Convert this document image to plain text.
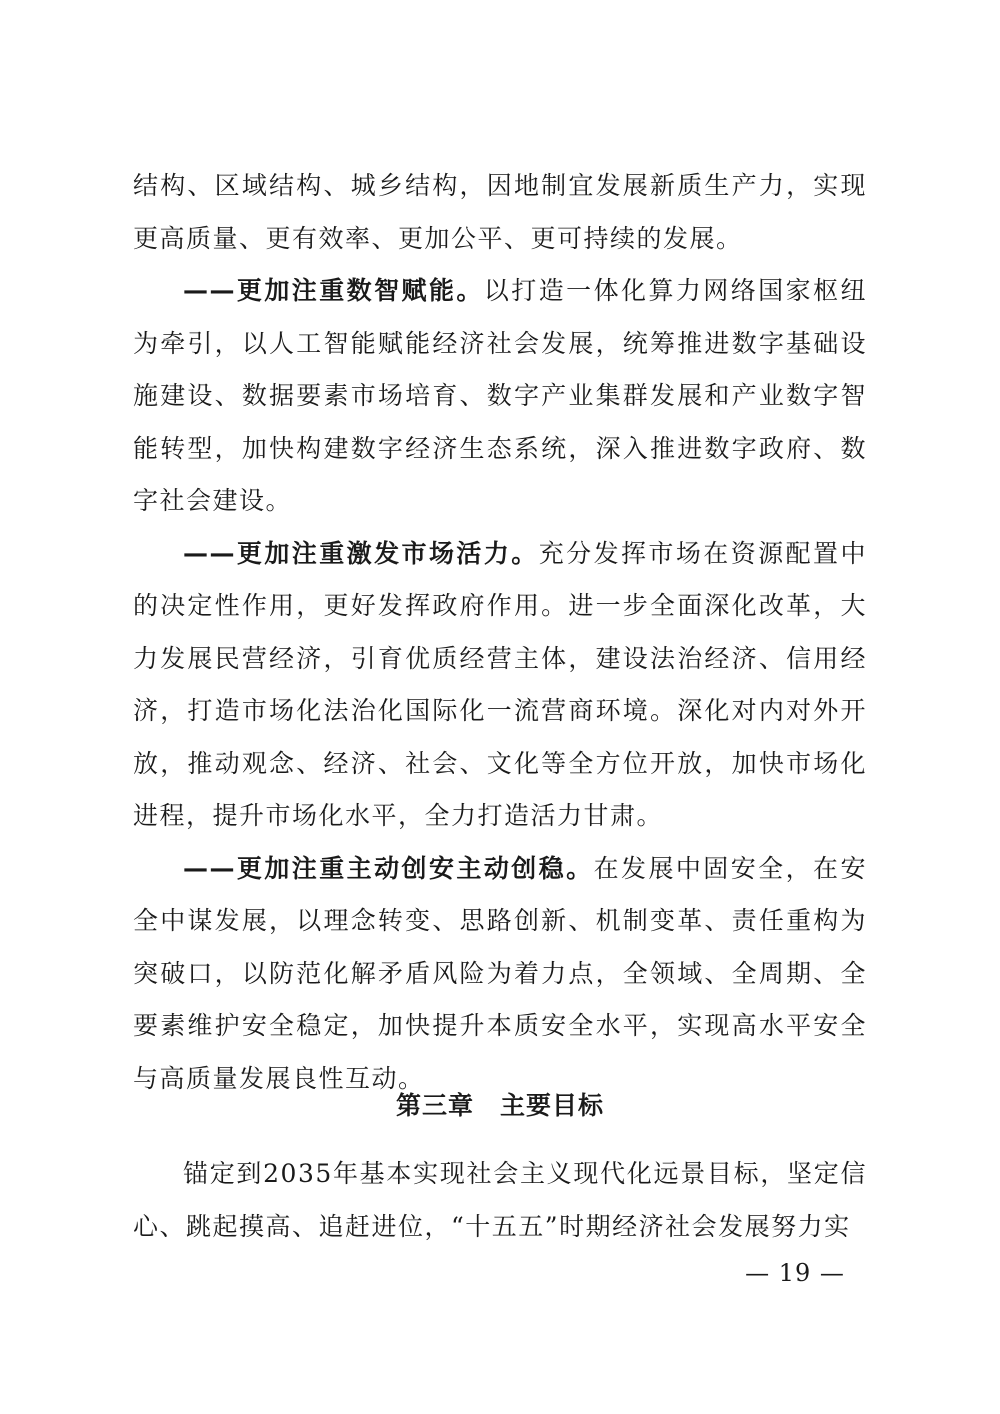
结构、区域结构、城乡结构，因地制宜发展新质生产力，实现更高质量、更有效率、更加公平、更可持续的发展。

——更加注重数智赋能。以打造一体化算力网络国家枢纽为牵引，以人工智能赋能经济社会发展，统筹推进数字基础设施建设、数据要素市场培育、数字产业集群发展和产业数字智能转型，加快构建数字经济生态系统，深入推进数字政府、数字社会建设。

——更加注重激发市场活力。充分发挥市场在资源配置中的决定性作用，更好发挥政府作用。进一步全面深化改革，大力发展民营经济，引育优质经营主体，建设法治经济、信用经济，打造市场化法治化国际化一流营商环境。深化对内对外开放，推动观念、经济、社会、文化等全方位开放，加快市场化进程，提升市场化水平，全力打造活力甘肃。

——更加注重主动创安主动创稳。在发展中固安全，在安全中谋发展，以理念转变、思路创新、机制变革、责任重构为突破口，以防范化解矛盾风险为着力点，全领域、全周期、全要素维护安全稳定，加快提升本质安全水平，实现高水平安全与高质量发展良性互动。

第三章　主要目标

锚定到2035年基本实现社会主义现代化远景目标，坚定信心、跳起摸高、追赶进位，“十五五”时期经济社会发展努力实

— 19 —
